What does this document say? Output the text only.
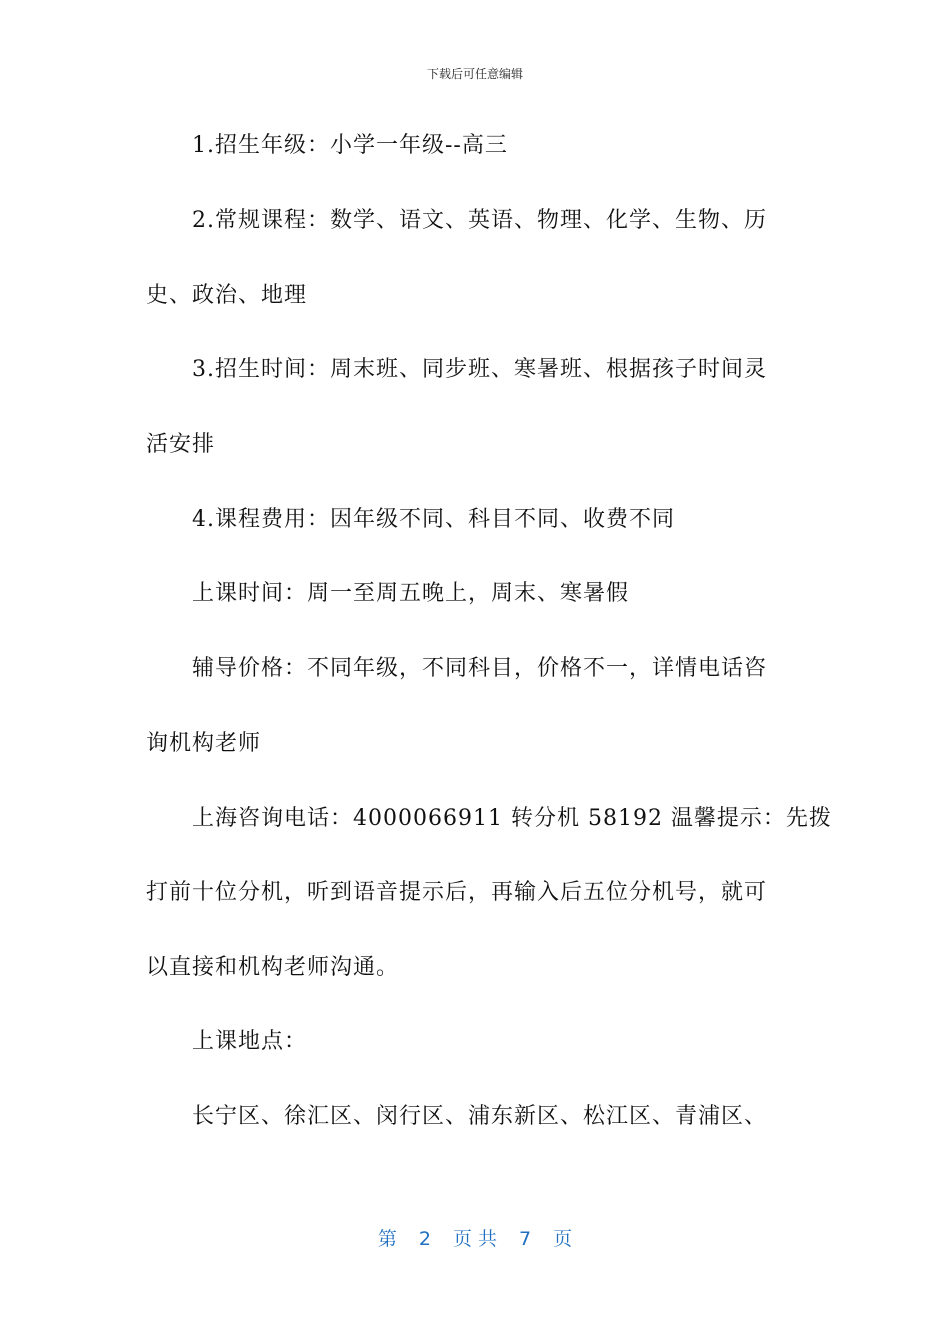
下载后可任意编辑

1.招生年级：小学一年级--高三

2.常规课程：数学、语文、英语、物理、化学、生物、历

史、政治、地理

3.招生时间：周末班、同步班、寒暑班、根据孩子时间灵

活安排

4.课程费用：因年级不同、科目不同、收费不同

上课时间：周一至周五晚上，周末、寒暑假

辅导价格：不同年级，不同科目，价格不一，详情电话咨

询机构老师

上海咨询电话：4000066911 转分机 58192 温馨提示：先拨

打前十位分机，听到语音提示后，再输入后五位分机号，就可

以直接和机构老师沟通。

上课地点：

长宁区、徐汇区、闵行区、浦东新区、松江区、青浦区、

第 2 页 共 7 页
